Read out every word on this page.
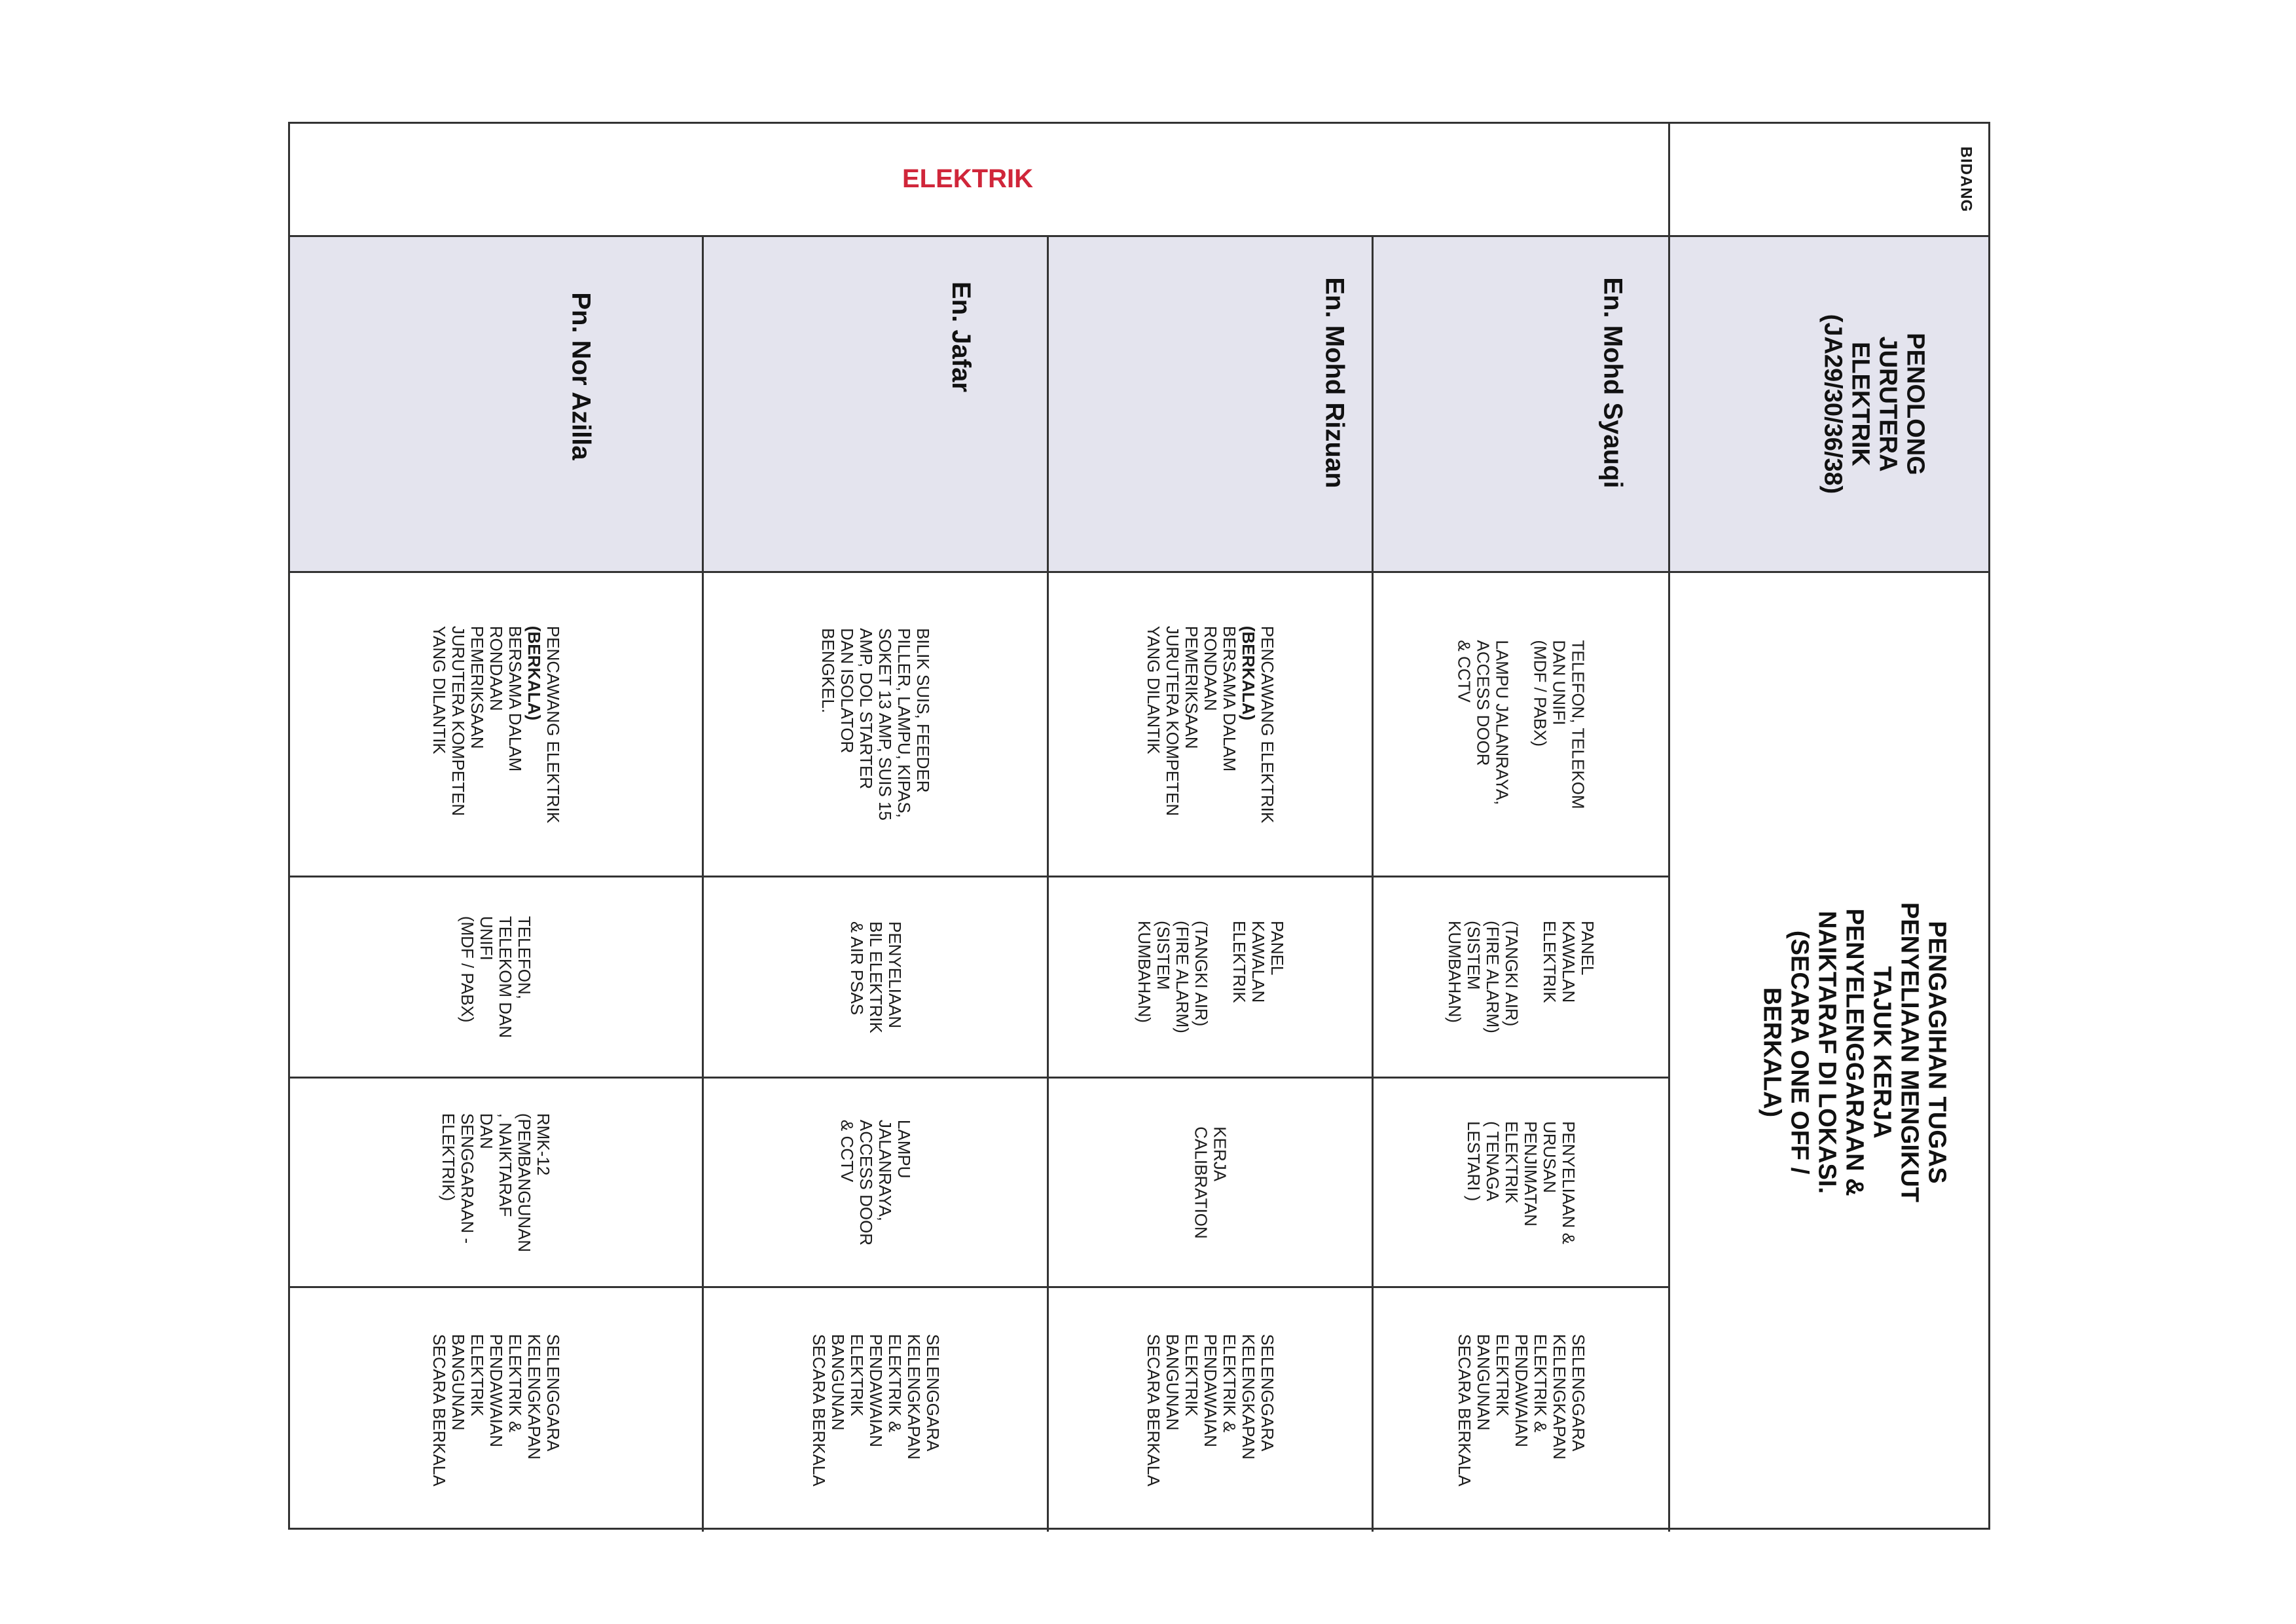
ELEKTRIK	BIDANG
PENOLONG
JURUTERA
ELEKTRIK
(JA29/30/36/38)
PENGAGIHAN TUGAS PENYELIAAN MENGIKUT TAJUK KERJA
PENYELENGGARAAN & NAIKTARAF DI LOKASI.
(SECARA ONE OFF / BERKALA)
En. Mohd Syauqi
En. Mohd Rizuan
En. Jafar
Pn. Nor Azilla
TELEFON, TELEKOM
DAN UNIFI
(MDF / PABX)

LAMPU JALANRAYA,
ACCESS DOOR
& CCTV
PANEL
KAWALAN
ELEKTRIK

(TANGKI AIR)
(FIRE ALARM)
(SISTEM
KUMBAHAN)
PENYELIAAN &
URUSAN
PENJIMATAN
ELEKTRIK
( TENAGA
LESTARI )
SELENGGARA
KELENGKAPAN
ELEKTRIK &
PENDAWAIAN
ELEKTRIK
BANGUNAN
SECARA BERKALA
PENCAWANG ELEKTRIK
(BERKALA)
BERSAMA DALAM
RONDAAN
PEMERIKSAAN
JURUTERA KOMPETEN
YANG DILANTIK
PANEL
KAWALAN
ELEKTRIK

(TANGKI AIR)
(FIRE ALARM)
(SISTEM
KUMBAHAN)
KERJA
CALIBRATION
SELENGGARA
KELENGKAPAN
ELEKTRIK &
PENDAWAIAN
ELEKTRIK
BANGUNAN
SECARA BERKALA
BILIK SUIS, FEEDER
PILLER, LAMPU, KIPAS,
SOKET 13 AMP, SUIS 15
AMP, DOL STARTER
DAN ISOLATOR
BENGKEL.
PENYELIAAN
BIL ELEKTRIK
& AIR PSAS
LAMPU
JALANRAYA,
ACCESS DOOR
& CCTV
SELENGGARA
KELENGKAPAN
ELEKTRIK &
PENDAWAIAN
ELEKTRIK
BANGUNAN
SECARA BERKALA
PENCAWANG ELEKTRIK
(BERKALA)
BERSAMA DALAM
RONDAAN
PEMERIKSAAN
JURUTERA KOMPETEN
YANG DILANTIK
TELEFON,
TELEKOM DAN
UNIFI
(MDF / PABX)
RMK-12
(PEMBANGUNAN
, NAIKTARAF
DAN
SENGGARAAN -
ELEKTRIK)
SELENGGARA
KELENGKAPAN
ELEKTRIK &
PENDAWAIAN
ELEKTRIK
BANGUNAN
SECARA BERKALA
